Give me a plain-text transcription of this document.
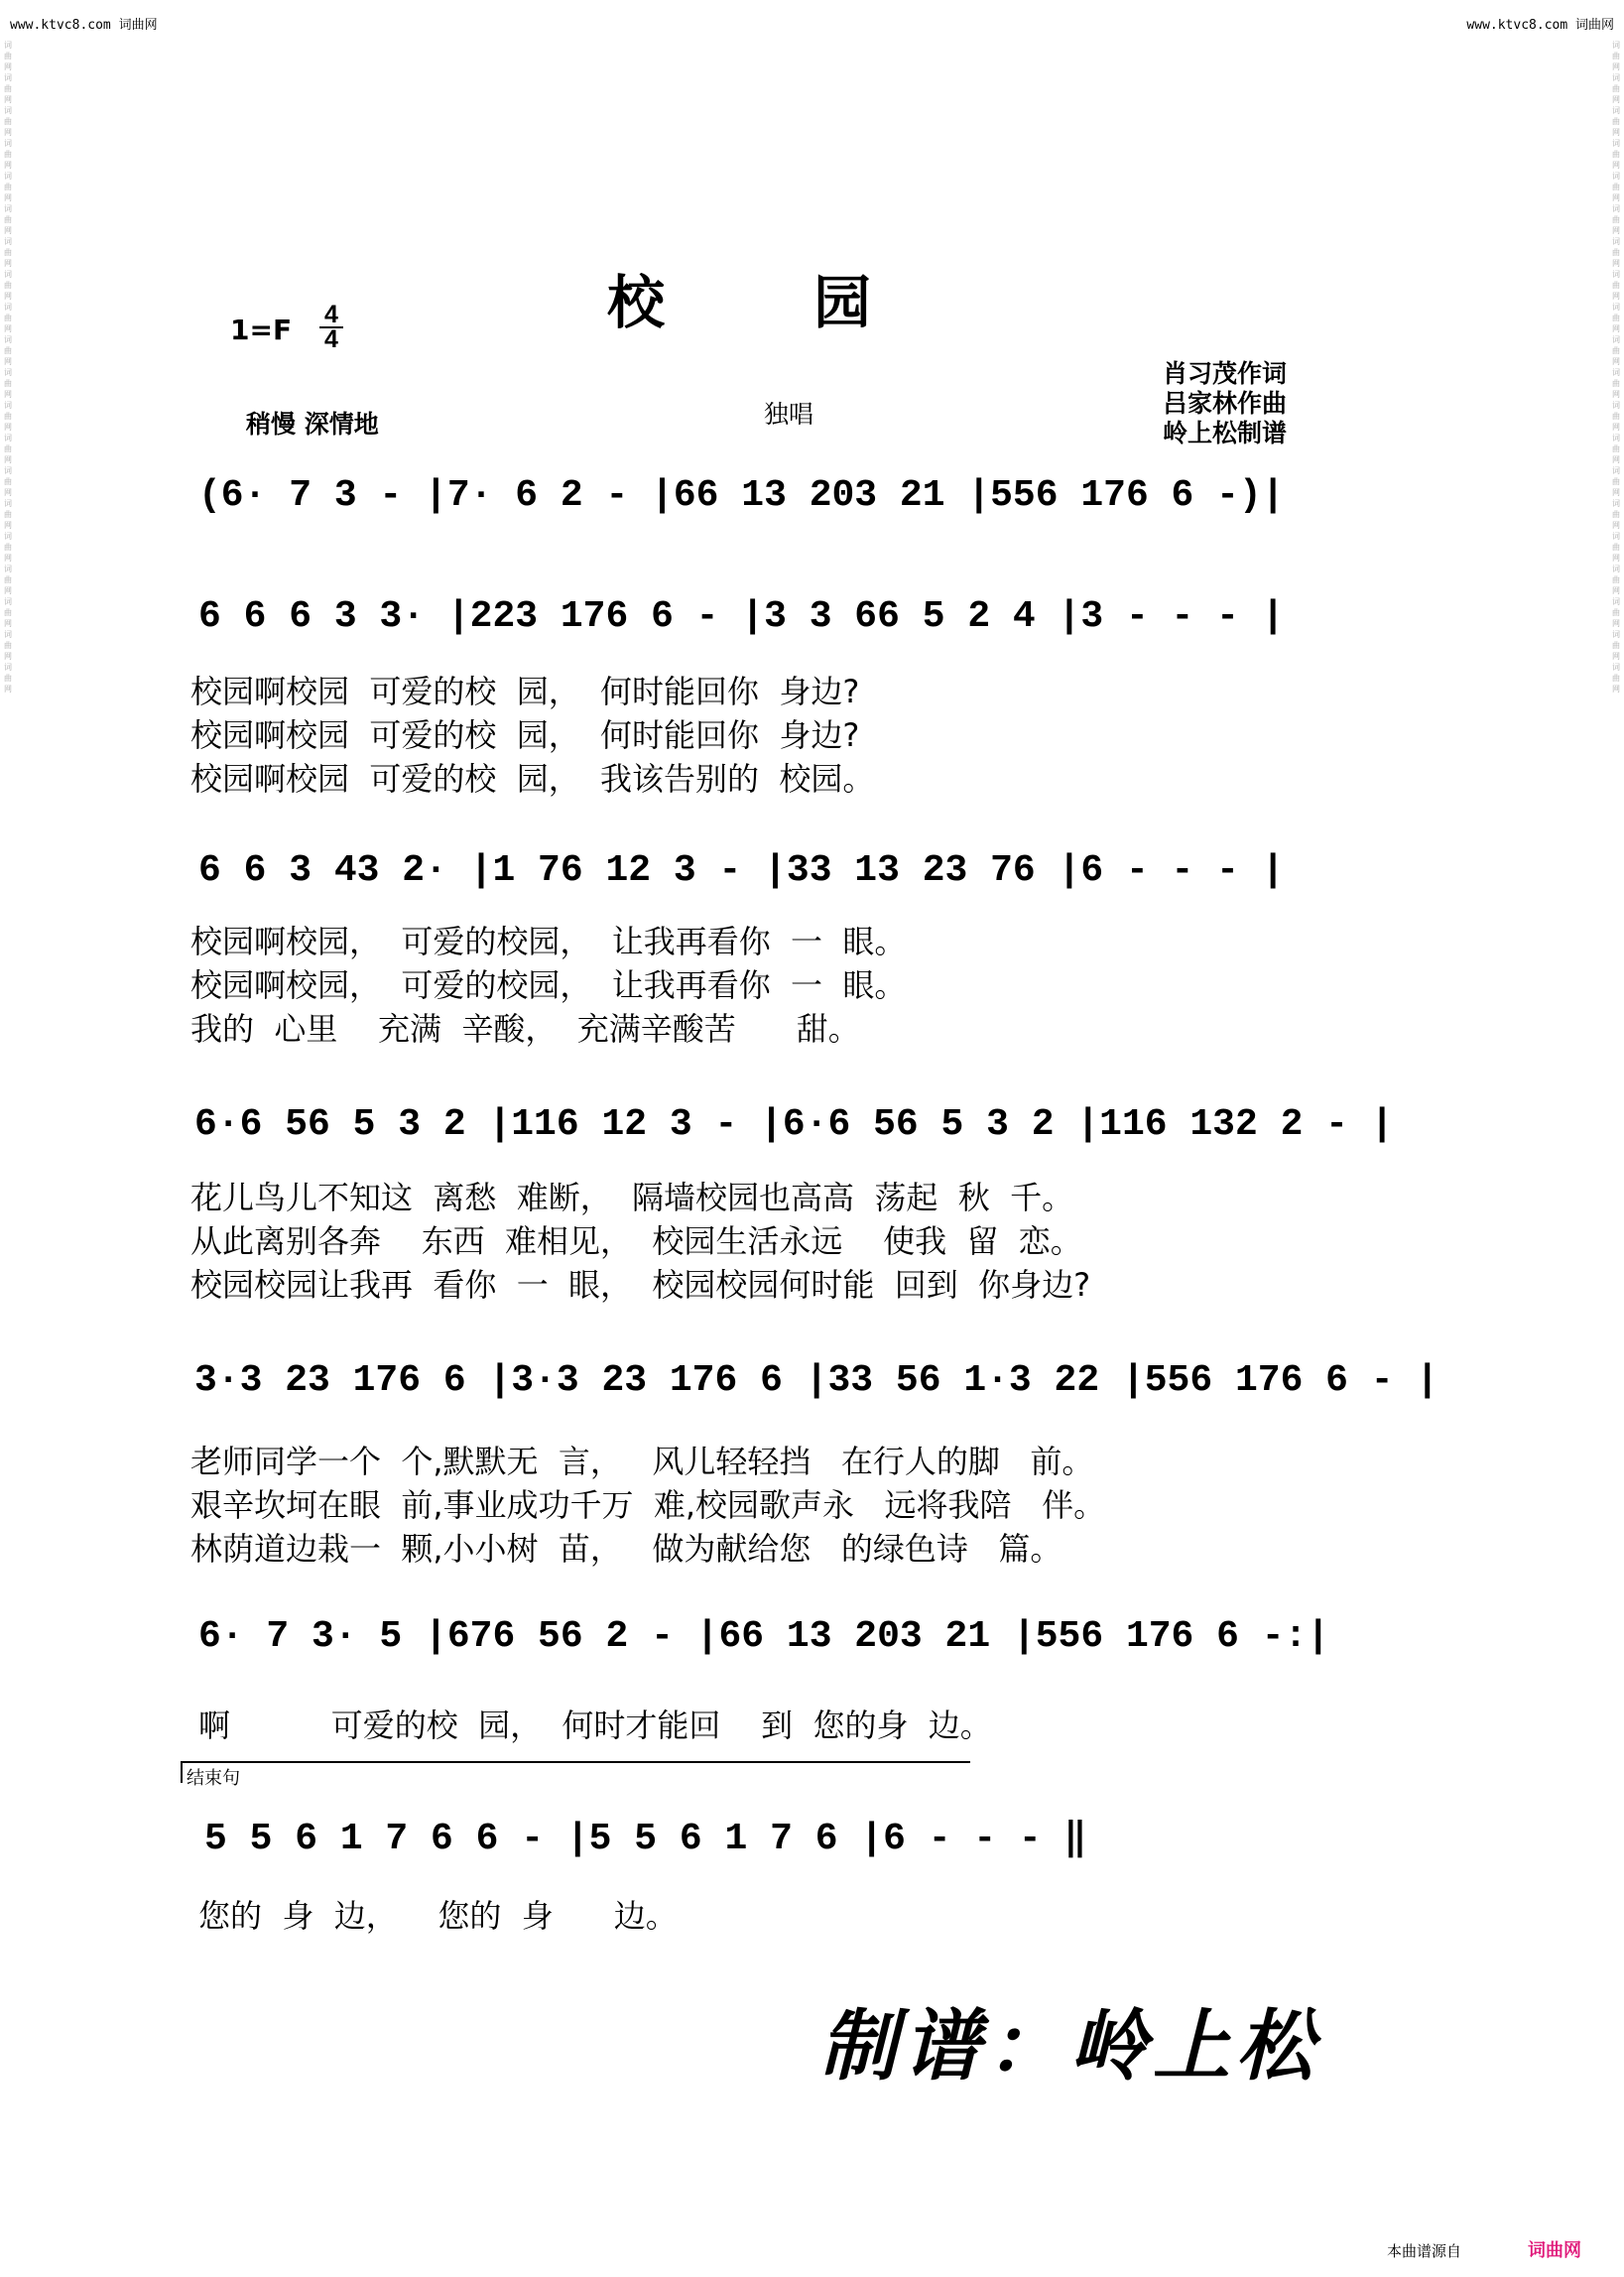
www.ktvc8.com 词曲网	www.ktvc8.com 词曲网
词曲网词曲网词曲网词曲网词曲网词曲网词曲网词曲网词曲网词曲网词曲网词曲网词曲网词曲网词曲网词曲网词曲网词曲网词曲网词曲网
词曲网词曲网词曲网词曲网词曲网词曲网词曲网词曲网词曲网词曲网词曲网词曲网词曲网词曲网词曲网词曲网词曲网词曲网词曲网词曲网
校园
1=F 4
4
稍慢 深情地	独唱
肖习茂作词
吕家林作曲
岭上松制谱
(6· 7 3 - |7· 6 2 - |66 13 203 21 |556 176 6 -)|
6 6 6 3 3· |223 176 6 - |3 3 66 5 2 4 |3 - - - |
校园啊校园  可爱的校  园，  何时能回你  身边?
校园啊校园  可爱的校  园，  何时能回你  身边?
校园啊校园  可爱的校  园，  我该告别的  校园。
6 6 3 43 2· |1 76 12 3 - |33 13 23 76 |6 - - - |
校园啊校园，  可爱的校园，  让我再看你  一  眼。
校园啊校园，  可爱的校园，  让我再看你  一  眼。
我的  心里    充满  辛酸，  充满辛酸苦      甜。
6·6 56 5 3 2 |116 12 3 - |6·6 56 5 3 2 |116 132 2 - |
花儿鸟儿不知这  离愁  难断，  隔墙校园也高高  荡起  秋  千。
从此离别各奔    东西  难相见，  校园生活永远    使我  留  恋。
校园校园让我再  看你  一  眼，  校园校园何时能  回到  你身边?
3·3 23 176 6 |3·3 23 176 6 |33 56 1·3 22 |556 176 6 - |
老师同学一个  个,默默无  言，   风儿轻轻挡   在行人的脚   前。
艰辛坎坷在眼  前,事业成功千万  难,校园歌声永   远将我陪   伴。
林荫道边栽一  颗,小小树  苗，   做为献给您   的绿色诗   篇。
6· 7 3· 5 |676 56 2 - |66 13 203 21 |556 176 6 -:|
啊          可爱的校  园，  何时才能回    到  您的身  边。
结束句
5 5 6 1 7 6 6 - |5 5 6 1 7 6 |6 - - - ‖
您的  身  边，    您的  身      边。
制谱：岭上松
本曲谱源自	词曲网
